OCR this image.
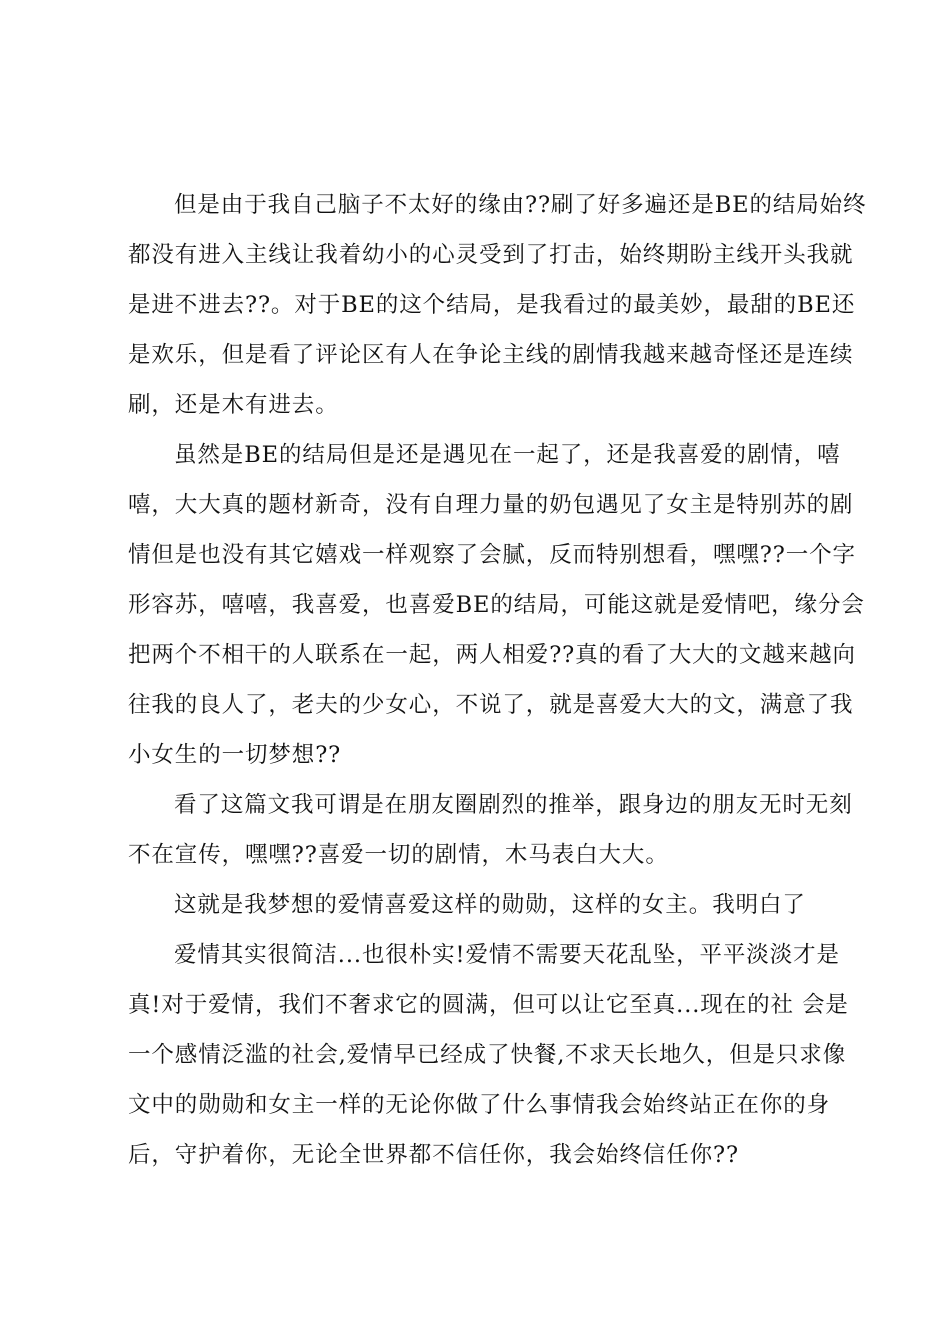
但是由于我自己脑子不太好的缘由??刷了好多遍还是BE的结局始终
都没有进入主线让我着幼小的心灵受到了打击，始终期盼主线开头我就
是进不进去??。对于BE的这个结局，是我看过的最美妙，最甜的BE还
是欢乐，但是看了评论区有人在争论主线的剧情我越来越奇怪还是连续
刷，还是木有进去。
虽然是BE的结局但是还是遇见在一起了，还是我喜爱的剧情，嘻
嘻，大大真的题材新奇，没有自理力量的奶包遇见了女主是特别苏的剧
情但是也没有其它嬉戏一样观察了会腻，反而特别想看，嘿嘿??一个字
形容苏，嘻嘻，我喜爱，也喜爱BE的结局，可能这就是爱情吧，缘分会
把两个不相干的人联系在一起，两人相爱??真的看了大大的文越来越向
往我的良人了，老夫的少女心，不说了，就是喜爱大大的文，满意了我
小女生的一切梦想??
看了这篇文我可谓是在朋友圈剧烈的推举，跟身边的朋友无时无刻
不在宣传，嘿嘿??喜爱一切的剧情，木马表白大大。
这就是我梦想的爱情喜爱这样的勋勋，这样的女主。我明白了
爱情其实很简洁...也很朴实!爱情不需要天花乱坠，平平淡淡才是
真!对于爱情，我们不奢求它的圆满，但可以让它至真...现在的社 会是
一个感情泛滥的社会,爱情早已经成了快餐,不求天长地久，但是只求像
文中的勋勋和女主一样的无论你做了什么事情我会始终站正在你的身
后，守护着你，无论全世界都不信任你，我会始终信任你??
